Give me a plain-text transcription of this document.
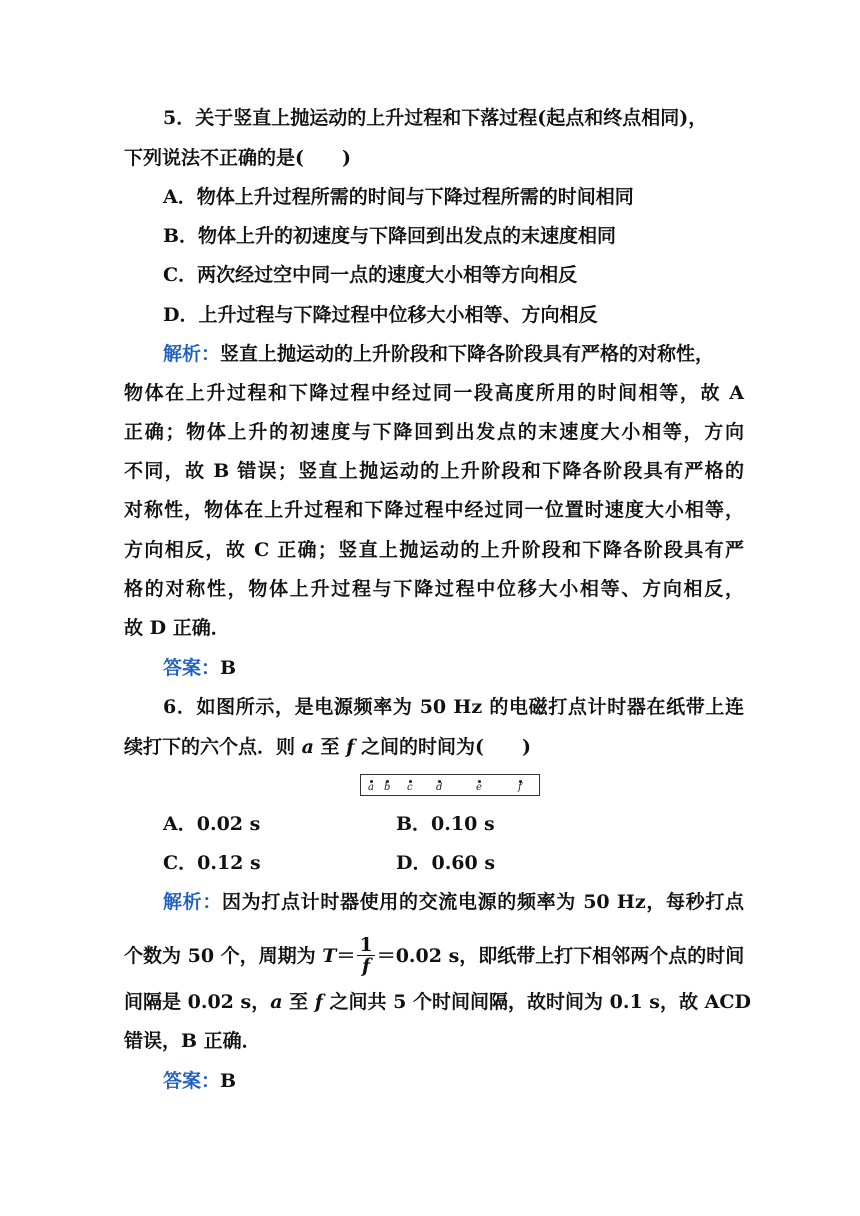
5．关于竖直上抛运动的上升过程和下落过程(起点和终点相同)，
下列说法不正确的是(　　)
A．物体上升过程所需的时间与下降过程所需的时间相同
B．物体上升的初速度与下降回到出发点的末速度相同
C．两次经过空中同一点的速度大小相等方向相反
D．上升过程与下降过程中位移大小相等、方向相反
解析：竖直上抛运动的上升阶段和下降各阶段具有严格的对称性，
物体在上升过程和下降过程中经过同一段高度所用的时间相等，故 A
正确；物体上升的初速度与下降回到出发点的末速度大小相等，方向
不同，故 B 错误；竖直上抛运动的上升阶段和下降各阶段具有严格的
对称性，物体在上升过程和下降过程中经过同一位置时速度大小相等，
方向相反，故 C 正确；竖直上抛运动的上升阶段和下降各阶段具有严
格的对称性，物体上升过程与下降过程中位移大小相等、方向相反，
故 D 正确．
答案：B
6．如图所示，是电源频率为 50 Hz 的电磁打点计时器在纸带上连
续打下的六个点．则 a 至 f 之间的时间为(　　)
a b c d	e	f
A．0.02 s	B．0.10 s
C．0.12 s	D．0.60 s
解析：因为打点计时器使用的交流电源的频率为 50 Hz，每秒打点
个数为 50 个，周期为 $T= \frac{1}{f} =0.02$ s，即纸带上打下相邻两个点的时间
间隔是 0.02 s，a 至 f 之间共 5 个时间间隔，故时间为 0.1 s，故 ACD
错误，B 正确．
答案：B
